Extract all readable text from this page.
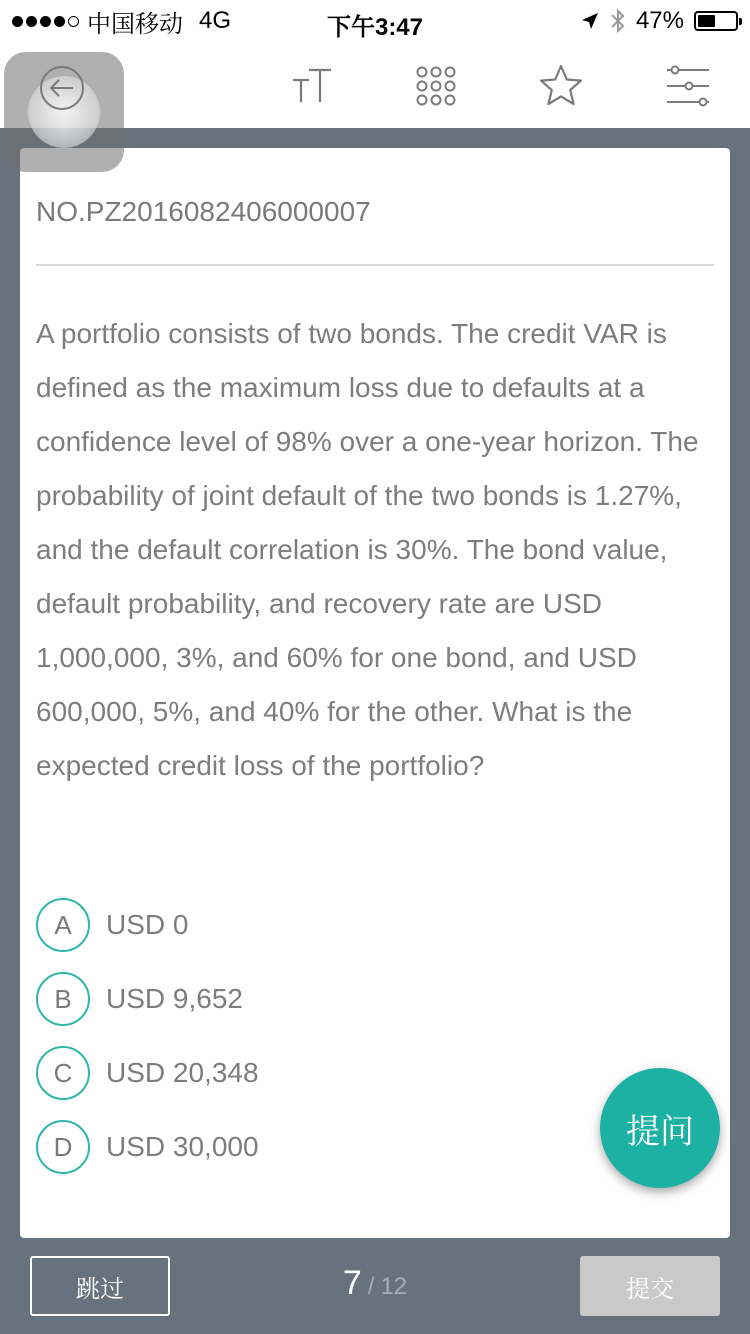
中国移动 4G	下午3:47	47%
NO.PZ2016082406000007
A portfolio consists of two bonds. The credit VAR is defined as the maximum loss due to defaults at a confidence level of 98% over a one-year horizon. The probability of joint default of the two bonds is 1.27%, and the default correlation is 30%. The bond value, default probability, and recovery rate are USD 1,000,000, 3%, and 60% for one bond, and USD 600,000, 5%, and 40% for the other. What is the expected credit loss of the portfolio?
A	USD 0
B	USD 9,652
C	USD 20,348
D	USD 30,000	提问
跳过	7 / 12	提交
